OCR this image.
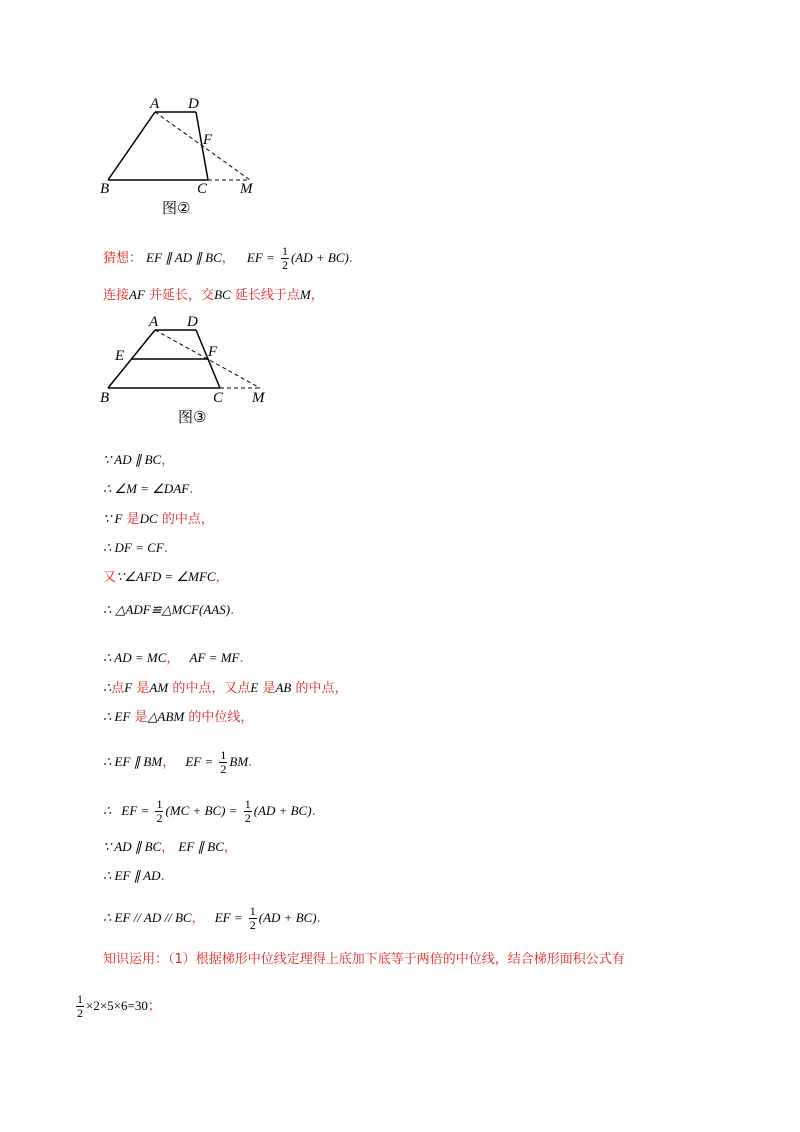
A D
F
B	C M
图②
猜想： EF ∥ AD ∥ BC， EF = $\frac{1}{2} (AD + BC)$.
连接AF 并延长，交BC 延长线于点M，
A D
E	F
B	C M
图③
∵ AD ∥ BC，
∴ ∠M = ∠DAF.
∵ F 是DC 的中点，
∴ DF = CF.
又∵∠AFD = ∠MFC，
∴ △ADF≌△MCF(AAS).
∴ AD = MC， AF = MF.
∴点F 是AM 的中点，又点E 是AB 的中点，
∴ EF 是△ABM 的中位线，
∴ EF ∥ BM， EF = $\frac{1}{2}$ BM.
∴ EF = $\frac{1}{2} (MC + BC) = \frac{1}{2} (AD + BC)$.
∵ AD ∥ BC， EF ∥ BC，
∴ EF ∥ AD.
∴ EF // AD // BC， EF = $\frac{1}{2} (AD + BC)$.
知识运用：（1）根据梯形中位线定理得上底加下底等于两倍的中位线，结合梯形面积公式有
$\frac{1}{2} \times 2\times 5\times 6=30$；
